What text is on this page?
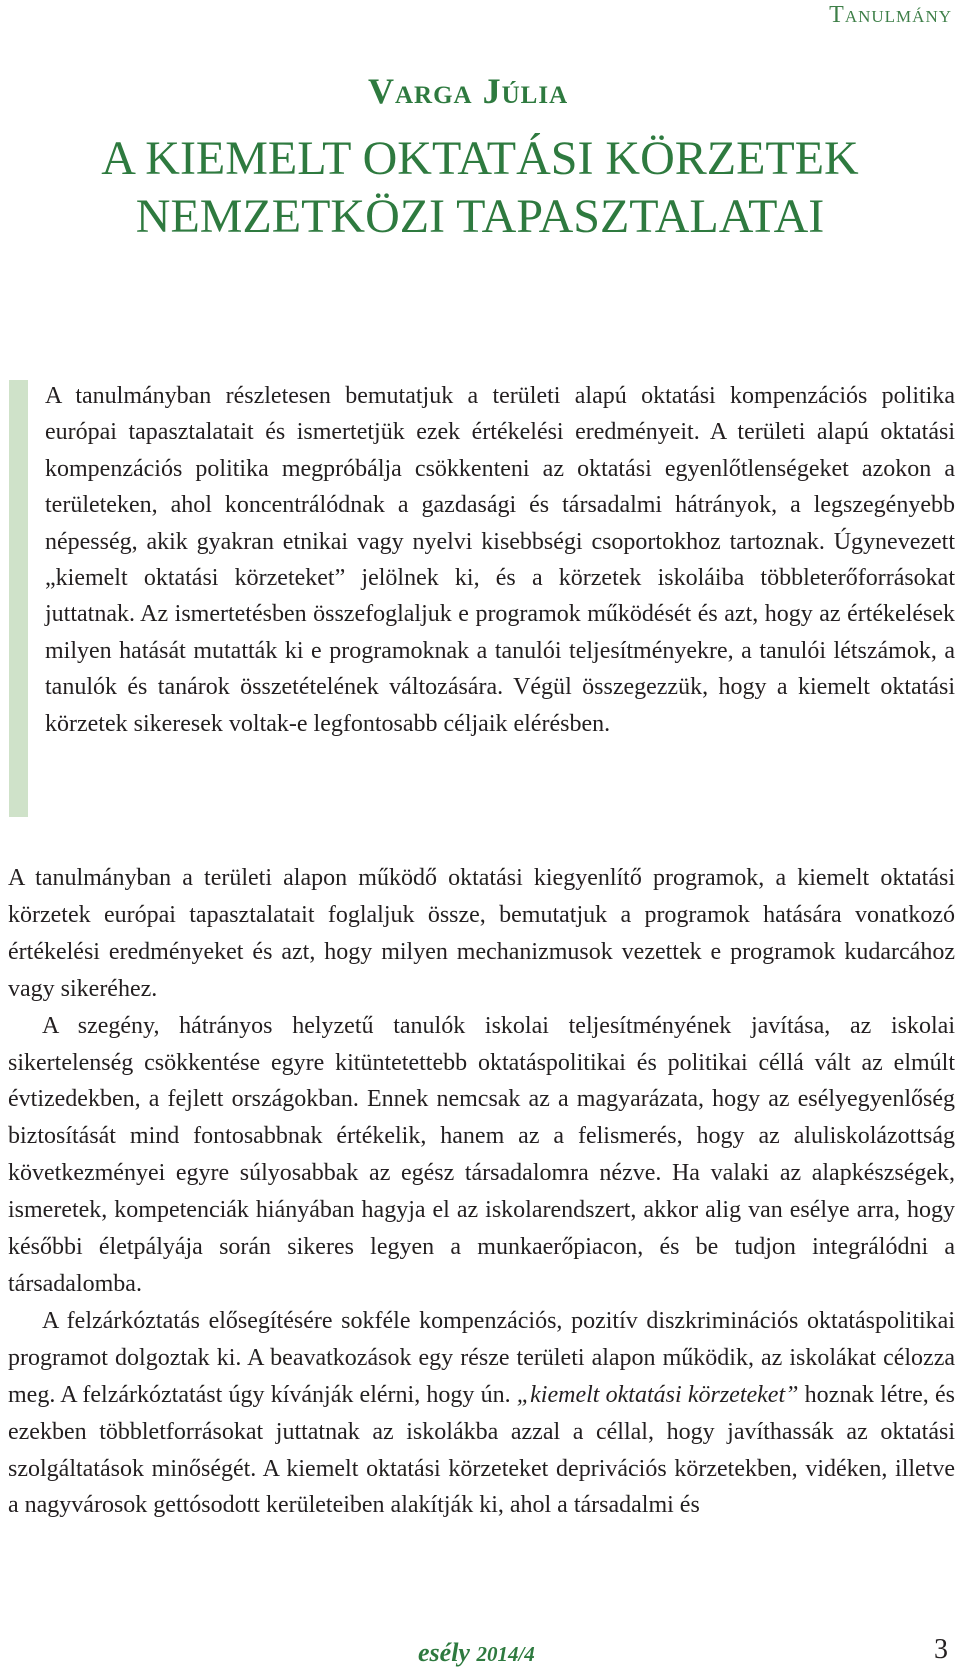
Tanulmány
Varga Júlia
A KIEMELT OKTATÁSI KÖRZETEK
NEMZETKÖZI TAPASZTALATAI
A tanulmányban részletesen bemutatjuk a területi alapú oktatási kompenzációs politika európai tapasztalatait és ismertetjük ezek értékelési eredményeit. A területi alapú oktatási kompenzációs politika megpróbálja csökkenteni az oktatási egyenlőtlenségeket azokon a területeken, ahol koncentrálódnak a gazdasági és társadalmi hátrányok, a legszegényebb népesség, akik gyakran etnikai vagy nyelvi kisebbségi csoportokhoz tartoznak. Úgynevezett „kiemelt oktatási körzeteket” jelölnek ki, és a körzetek iskoláiba többleterőforrásokat juttatnak. Az ismertetésben összefoglaljuk e programok működését és azt, hogy az értékelések milyen hatását mutatták ki e programoknak a tanulói teljesítményekre, a tanulói létszámok, a tanulók és tanárok összetételének változására. Végül összegezzük, hogy a kiemelt oktatási körzetek sikeresek voltak-e legfontosabb céljaik elérésben.

A tanulmányban a területi alapon működő oktatási kiegyenlítő programok, a kiemelt oktatási körzetek európai tapasztalatait foglaljuk össze, bemutatjuk a programok hatására vonatkozó értékelési eredményeket és azt, hogy milyen mechanizmusok vezettek e programok kudarcához vagy sikeréhez.

A szegény, hátrányos helyzetű tanulók iskolai teljesítményének javítása, az iskolai sikertelenség csökkentése egyre kitüntetettebb oktatáspolitikai és politikai céllá vált az elmúlt évtizedekben, a fejlett országokban. Ennek nemcsak az a magyarázata, hogy az esélyegyenlőség biztosítását mind fontosabbnak értékelik, hanem az a felismerés, hogy az aluliskolázottság következményei egyre súlyosabbak az egész társadalomra nézve. Ha valaki az alapkészségek, ismeretek, kompetenciák hiányában hagyja el az iskolarendszert, akkor alig van esélye arra, hogy későbbi életpályája során sikeres legyen a munkaerőpiacon, és be tudjon integrálódni a társadalomba.

A felzárkóztatás elősegítésére sokféle kompenzációs, pozitív diszkriminációs oktatáspolitikai programot dolgoztak ki. A beavatkozások egy része területi alapon működik, az iskolákat célozza meg. A felzárkóztatást úgy kívánják elérni, hogy ún. „kiemelt oktatási körzeteket” hoznak létre, és ezekben többletforrásokat juttatnak az iskolákba azzal a céllal, hogy javíthassák az oktatási szolgáltatások minőségét. A kiemelt oktatási körzeteket deprivációs körzetekben, vidéken, illetve a nagyvárosok gettósodott kerületeiben alakítják ki, ahol a társadalmi és

esély 2014/4	3
